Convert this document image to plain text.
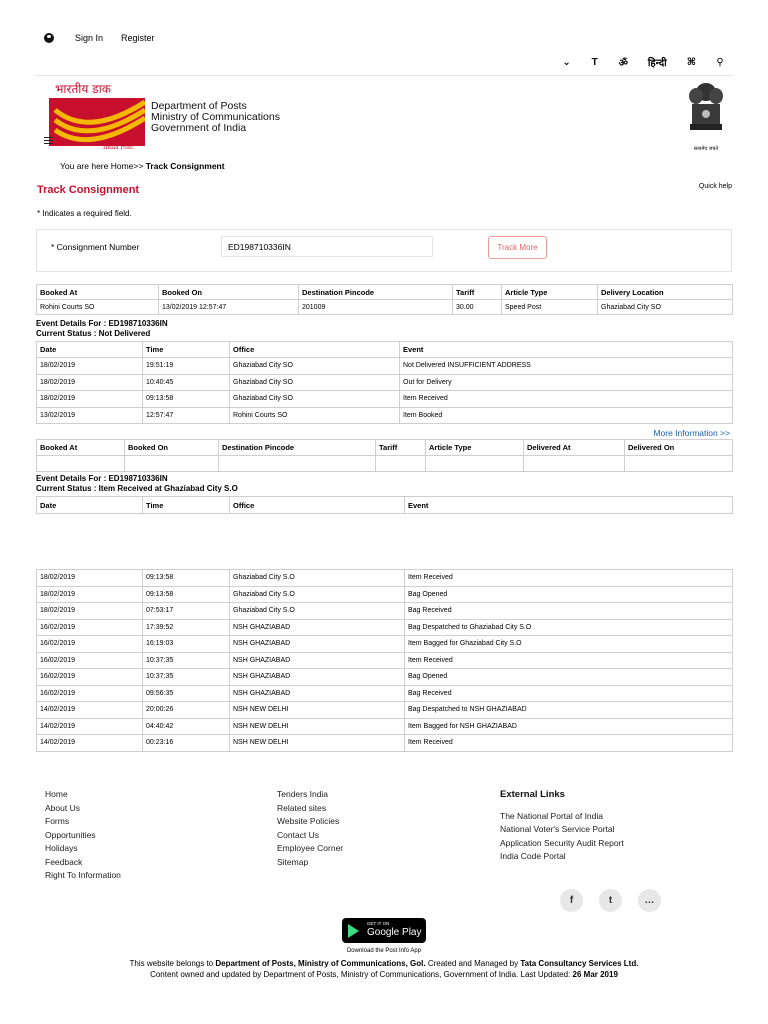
Sign In Register
⌄ T ॐ हिन्दी ⌘ ⚲
भारतीय डाक
India Post
Department of Posts
Ministry of Communications
Government of India
सत्यमेव जयते
You are here Home>> Track Consignment
Track Consignment	Quick help
* Indicates a required field.
* Consignment Number
ED198710336IN	Track More
Booked At	Booked On	Destination Pincode	Tariff	Article Type	Delivery Location
Rohini Courts SO	13/02/2019 12:57:47	201009	30.00	Speed Post	Ghaziabad City SO
Event Details For : ED198710336IN
Current Status : Not Delivered
Date	Time	Office	Event
18/02/2019	19:51:19	Ghaziabad City SO	Not Delivered INSUFFICIENT ADDRESS
18/02/2019	10:40:45	Ghaziabad City SO	Out for Delivery
18/02/2019	09:13:58	Ghaziabad City SO	Item Received
13/02/2019	12:57:47	Rohini Courts SO	Item Booked
More Information >>
Booked At	Booked On	Destination Pincode	Tariff	Article Type	Delivered At	Delivered On

Event Details For : ED198710336IN
Current Status : Item Received at Ghaziabad City S.O
Date	Time	Office	Event
18/02/2019	09:13:58	Ghaziabad City S.O	Item Received
18/02/2019	09:13:58	Ghaziabad City S.O	Bag Opened
18/02/2019	07:53:17	Ghaziabad City S.O	Bag Received
16/02/2019	17:39:52	NSH GHAZIABAD	Bag Despatched to Ghaziabad City S.O
16/02/2019	16:19:03	NSH GHAZIABAD	Item Bagged for Ghaziabad City S.O
16/02/2019	10:37:35	NSH GHAZIABAD	Item Received
16/02/2019	10:37:35	NSH GHAZIABAD	Bag Opened
16/02/2019	09:56:35	NSH GHAZIABAD	Bag Received
14/02/2019	20:00:26	NSH NEW DELHI	Bag Despatched to NSH GHAZIABAD
14/02/2019	04:40:42	NSH NEW DELHI	Item Bagged for NSH GHAZIABAD
14/02/2019	00:23:16	NSH NEW DELHI	Item Received
Home
About Us
Forms
Opportunities
Holidays
Feedback
Right To Information
Tenders India
Related sites
Website Policies
Contact Us
Employee Corner
Sitemap
External Links
The National Portal of India
National Voter's Service Portal
Application Security Audit Report
India Code Portal
f	t	…
GET IT ON
Google Play
Download the Post Info App
This website belongs to Department of Posts, Ministry of Communications, GoI. Created and Managed by Tata Consultancy Services Ltd.
Content owned and updated by Department of Posts, Ministry of Communications, Government of India. Last Updated: 26 Mar 2019
